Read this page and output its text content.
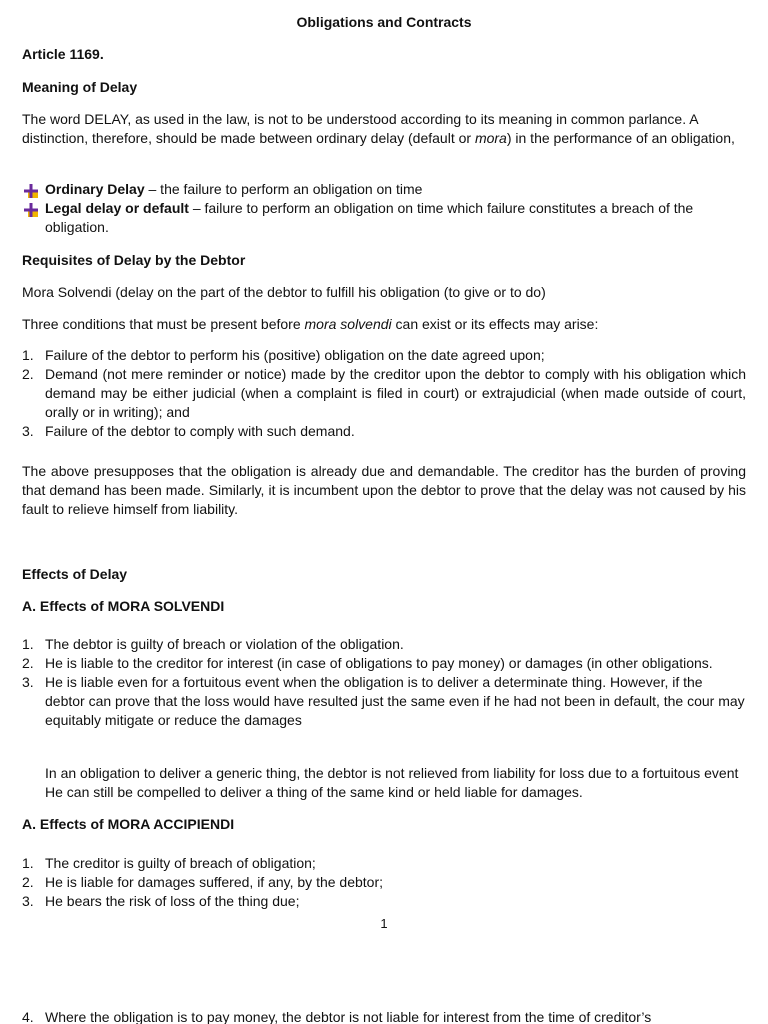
Obligations and Contracts
Article 1169.
Meaning of Delay
The word DELAY, as used in the law, is not to be understood according to its meaning in common parlance. A distinction, therefore, should be made between ordinary delay (default or mora) in the performance of an obligation,
Ordinary Delay – the failure to perform an obligation on time
Legal delay or default – failure to perform an obligation on time which failure constitutes a breach of the obligation.
Requisites of Delay by the Debtor
Mora Solvendi (delay on the part of the debtor to fulfill his obligation (to give or to do)
Three conditions that must be present before mora solvendi can exist or its effects may arise:
1. Failure of the debtor to perform his (positive) obligation on the date agreed upon;
2. Demand (not mere reminder or notice) made by the creditor upon the debtor to comply with his obligation which demand may be either judicial (when a complaint is filed in court) or extrajudicial (when made outside of court, orally or in writing); and
3. Failure of the debtor to comply with such demand.
The above presupposes that the obligation is already due and demandable. The creditor has the burden of proving that demand has been made. Similarly, it is incumbent upon the debtor to prove that the delay was not caused by his fault to relieve himself from liability.
Effects of Delay
A. Effects of MORA SOLVENDI
1. The debtor is guilty of breach or violation of the obligation.
2. He is liable to the creditor for interest (in case of obligations to pay money) or damages (in other obligations.
3. He is liable even for a fortuitous event when the obligation is to deliver a determinate thing. However, if the debtor can prove that the loss would have resulted just the same even if he had not been in default, the cour may equitably mitigate or reduce the damages
In an obligation to deliver a generic thing, the debtor is not relieved from liability for loss due to a fortuitous event He can still be compelled to deliver a thing of the same kind or held liable for damages.
A. Effects of MORA ACCIPIENDI
1. The creditor is guilty of breach of obligation;
2. He is liable for damages suffered, if any, by the debtor;
3. He bears the risk of loss of the thing due;
1
4. Where the obligation is to pay money, the debtor is not liable for interest from the time of creditor’s
